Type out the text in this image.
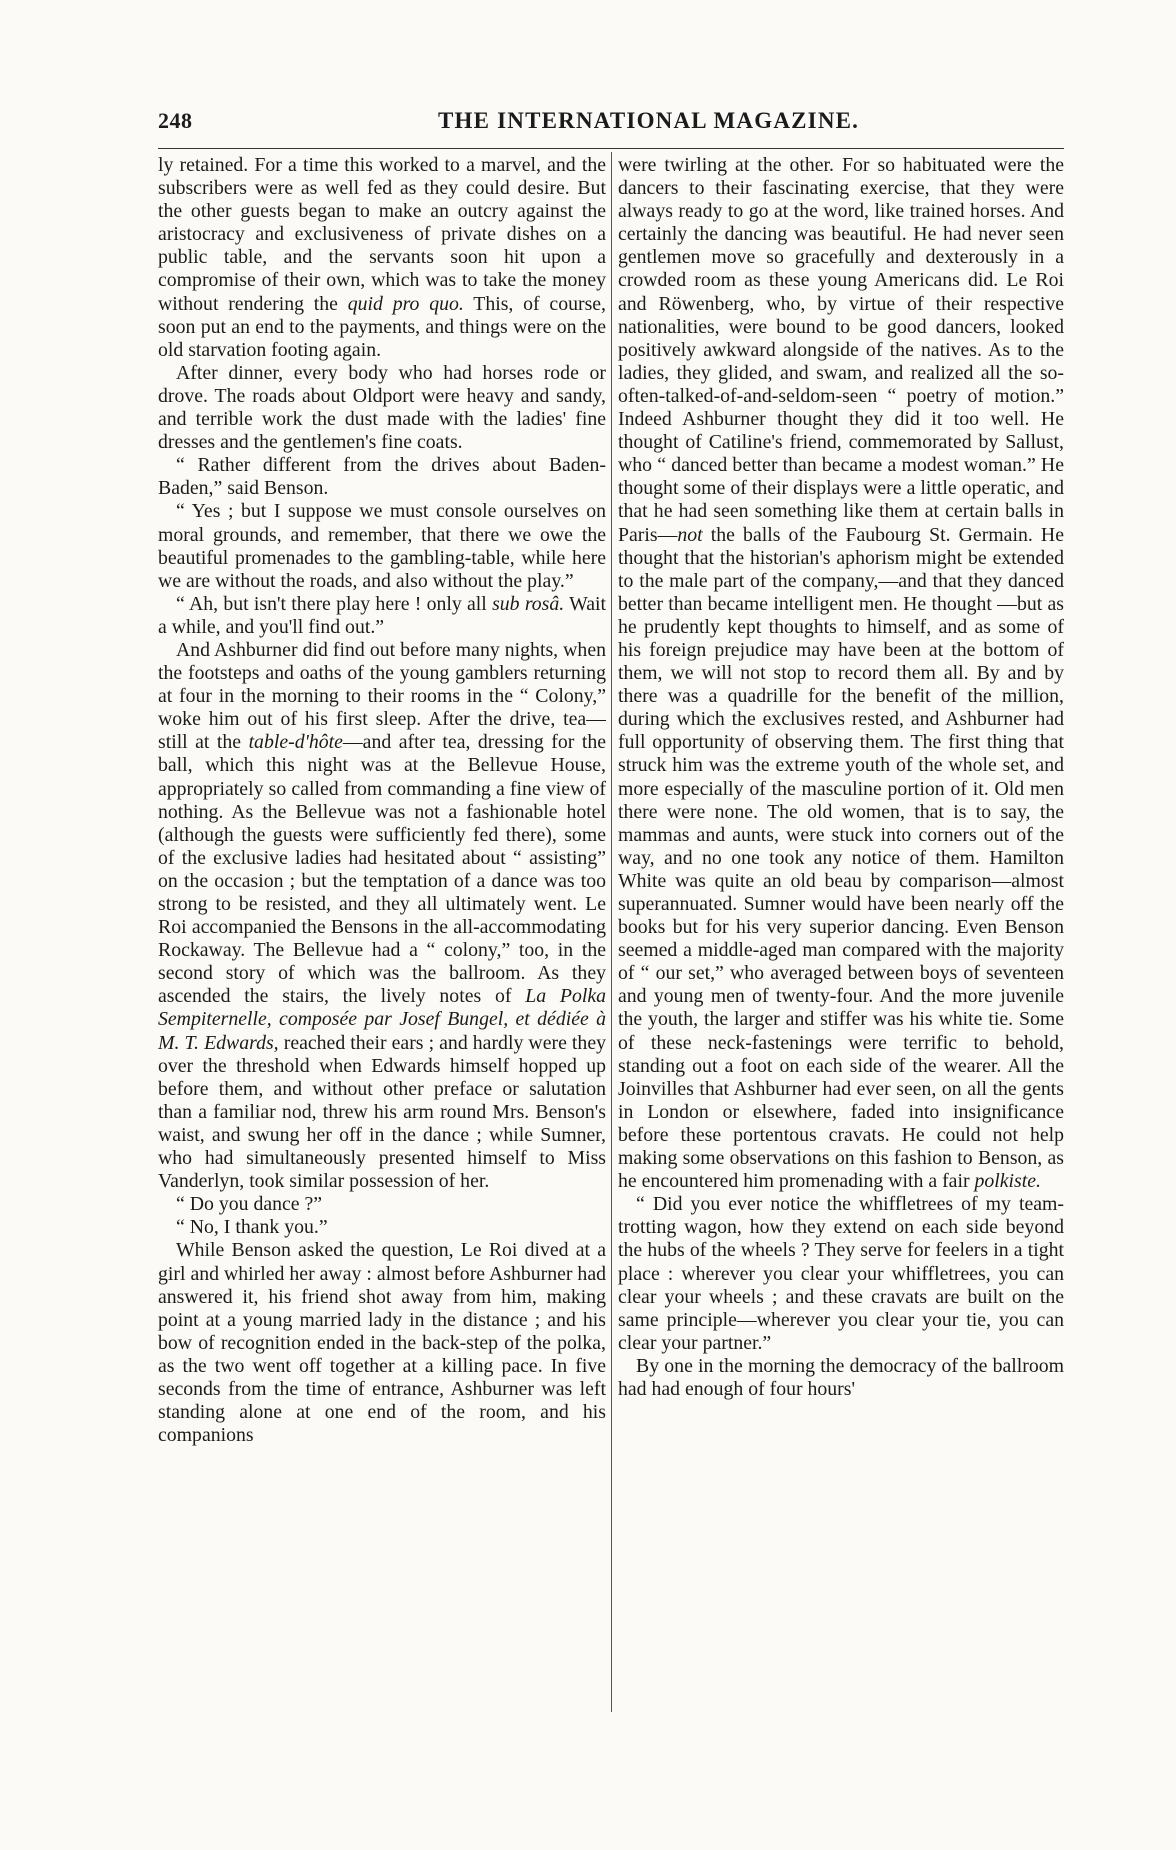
248	THE INTERNATIONAL MAGAZINE.

ly retained. For a time this worked to a marvel, and the subscribers were as well fed as they could desire. But the other guests began to make an outcry against the aristocracy and exclusiveness of private dishes on a public table, and the servants soon hit upon a compromise of their own, which was to take the money without rendering the quid pro quo. This, of course, soon put an end to the payments, and things were on the old starvation footing again.

After dinner, every body who had horses rode or drove. The roads about Oldport were heavy and sandy, and terrible work the dust made with the ladies' fine dresses and the gentlemen's fine coats.

“ Rather different from the drives about Baden-Baden,” said Benson.

“ Yes ; but I suppose we must console ourselves on moral grounds, and remember, that there we owe the beautiful promenades to the gambling-table, while here we are without the roads, and also without the play.”

“ Ah, but isn't there play here ! only all sub rosâ. Wait a while, and you'll find out.”

And Ashburner did find out before many nights, when the footsteps and oaths of the young gamblers returning at four in the morning to their rooms in the “ Colony,” woke him out of his first sleep. After the drive, tea—still at the table-d'hôte—and after tea, dressing for the ball, which this night was at the Bellevue House, appropriately so called from commanding a fine view of nothing. As the Bellevue was not a fashionable hotel (although the guests were sufficiently fed there), some of the exclusive ladies had hesitated about “ assisting” on the occasion ; but the temptation of a dance was too strong to be resisted, and they all ultimately went. Le Roi accompanied the Bensons in the all-accommodating Rockaway. The Bellevue had a “ colony,” too, in the second story of which was the ballroom. As they ascended the stairs, the lively notes of La Polka Sempiternelle, composée par Josef Bungel, et dédiée à M. T. Edwards, reached their ears ; and hardly were they over the threshold when Edwards himself hopped up before them, and without other preface or salutation than a familiar nod, threw his arm round Mrs. Benson's waist, and swung her off in the dance ; while Sumner, who had simultaneously presented himself to Miss Vanderlyn, took similar possession of her.

“ Do you dance ?”

“ No, I thank you.”

While Benson asked the question, Le Roi dived at a girl and whirled her away : almost before Ashburner had answered it, his friend shot away from him, making point at a young married lady in the distance ; and his bow of recognition ended in the back-step of the polka, as the two went off together at a killing pace. In five seconds from the time of entrance, Ashburner was left standing alone at one end of the room, and his companions

were twirling at the other. For so habituated were the dancers to their fascinating exercise, that they were always ready to go at the word, like trained horses. And certainly the dancing was beautiful. He had never seen gentlemen move so gracefully and dexterously in a crowded room as these young Americans did. Le Roi and Röwenberg, who, by virtue of their respective nationalities, were bound to be good dancers, looked positively awkward alongside of the natives. As to the ladies, they glided, and swam, and realized all the so-often-talked-of-and-seldom-seen “ poetry of motion.” Indeed Ashburner thought they did it too well. He thought of Catiline's friend, commemorated by Sallust, who “ danced better than became a modest woman.” He thought some of their displays were a little operatic, and that he had seen something like them at certain balls in Paris—not the balls of the Faubourg St. Germain. He thought that the historian's aphorism might be extended to the male part of the company,—and that they danced better than became intelligent men. He thought —but as he prudently kept thoughts to himself, and as some of his foreign prejudice may have been at the bottom of them, we will not stop to record them all. By and by there was a quadrille for the benefit of the million, during which the exclusives rested, and Ashburner had full opportunity of observing them. The first thing that struck him was the extreme youth of the whole set, and more especially of the masculine portion of it. Old men there were none. The old women, that is to say, the mammas and aunts, were stuck into corners out of the way, and no one took any notice of them. Hamilton White was quite an old beau by comparison—almost superannuated. Sumner would have been nearly off the books but for his very superior dancing. Even Benson seemed a middle-aged man compared with the majority of “ our set,” who averaged between boys of seventeen and young men of twenty-four. And the more juvenile the youth, the larger and stiffer was his white tie. Some of these neck-fastenings were terrific to behold, standing out a foot on each side of the wearer. All the Joinvilles that Ashburner had ever seen, on all the gents in London or elsewhere, faded into insignificance before these portentous cravats. He could not help making some observations on this fashion to Benson, as he encountered him promenading with a fair polkiste.

“ Did you ever notice the whiffletrees of my team-trotting wagon, how they extend on each side beyond the hubs of the wheels ? They serve for feelers in a tight place : wherever you clear your whiffletrees, you can clear your wheels ; and these cravats are built on the same principle—wherever you clear your tie, you can clear your partner.”

By one in the morning the democracy of the ballroom had had enough of four hours'
